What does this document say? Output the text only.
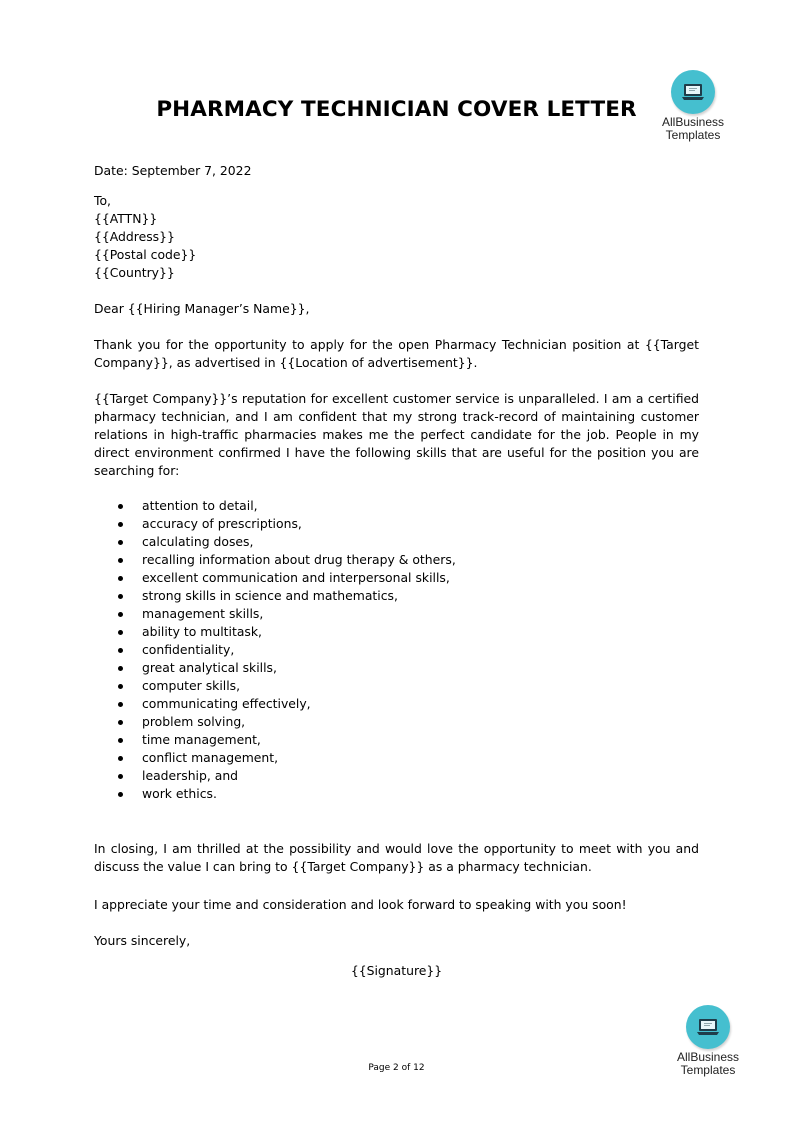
AllBusiness
Templates
PHARMACY TECHNICIAN COVER LETTER
Date: September 7, 2022
To,
{{ATTN}}
{{Address}}
{{Postal code}}
{{Country}}
Dear {{Hiring Manager’s Name}},
Thank you for the opportunity to apply for the open Pharmacy Technician position at {{Target Company}}, as advertised in {{Location of advertisement}}.
{{Target Company}}’s reputation for excellent customer service is unparalleled. I am a certified pharmacy technician, and I am confident that my strong track-record of maintaining customer relations in high-traffic pharmacies makes me the perfect candidate for the job. People in my direct environment confirmed I have the following skills that are useful for the position you are searching for:
attention to detail,
accuracy of prescriptions,
calculating doses,
recalling information about drug therapy & others,
excellent communication and interpersonal skills,
strong skills in science and mathematics,
management skills,
ability to multitask,
confidentiality,
great analytical skills,
computer skills,
communicating effectively,
problem solving,
time management,
conflict management,
leadership, and
work ethics.
In closing, I am thrilled at the possibility and would love the opportunity to meet with you and discuss the value I can bring to {{Target Company}} as a pharmacy technician.
I appreciate your time and consideration and look forward to speaking with you soon!
Yours sincerely,
{{Signature}}
AllBusiness
Templates
Page 2 of 12
